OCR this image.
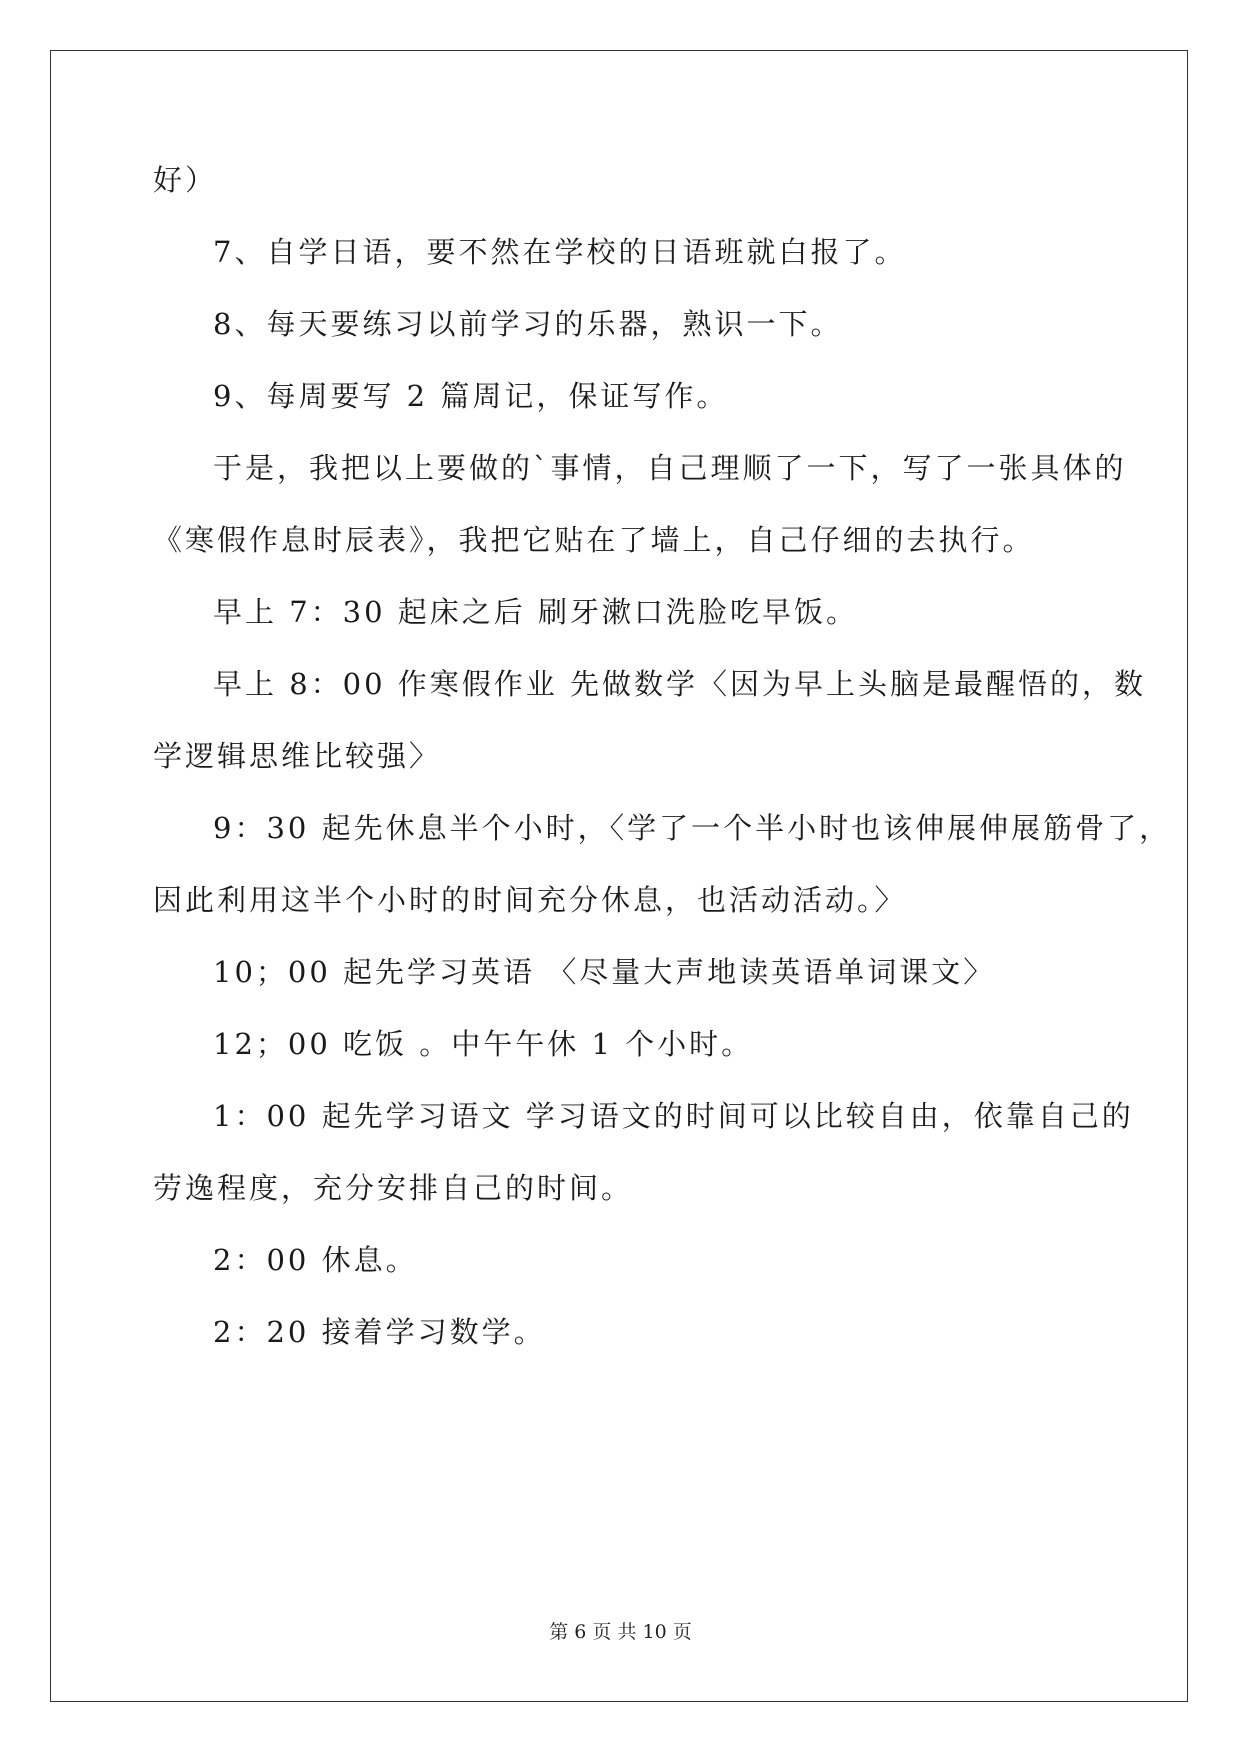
好）
7、自学日语，要不然在学校的日语班就白报了。
8、每天要练习以前学习的乐器，熟识一下。
9、每周要写 2 篇周记，保证写作。
于是，我把以上要做的`事情，自己理顺了一下，写了一张具体的
《寒假作息时辰表》，我把它贴在了墙上，自己仔细的去执行。
早上 7：30 起床之后 刷牙漱口洗脸吃早饭。
早上 8：00 作寒假作业 先做数学〈因为早上头脑是最醒悟的，数
学逻辑思维比较强〉
9：30 起先休息半个小时，〈学了一个半小时也该伸展伸展筋骨了，
因此利用这半个小时的时间充分休息，也活动活动。〉
10；00 起先学习英语 〈尽量大声地读英语单词课文〉
12；00 吃饭 。中午午休 1 个小时。
1：00 起先学习语文 学习语文的时间可以比较自由，依靠自己的
劳逸程度，充分安排自己的时间。
2：00 休息。
2：20 接着学习数学。
第 6 页 共 10 页
